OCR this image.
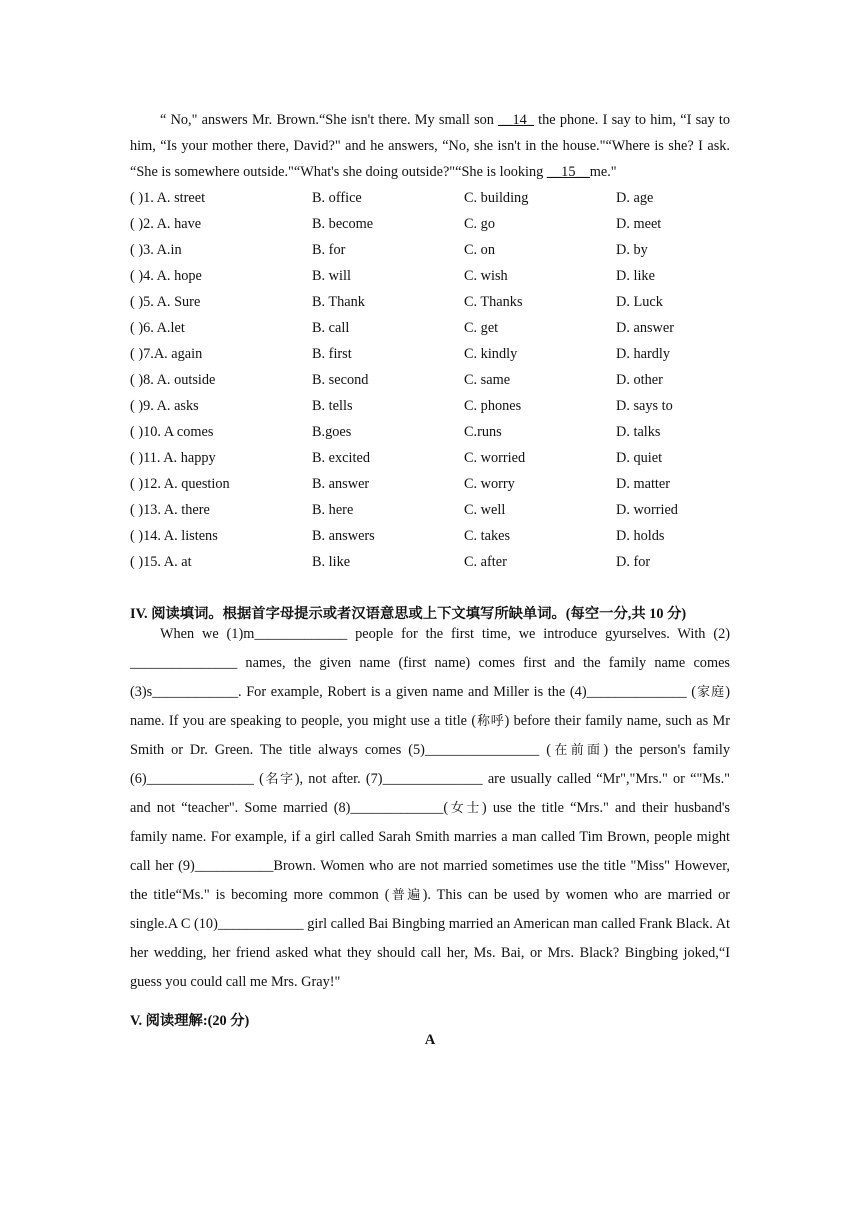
“ No," answers Mr. Brown.“She isn't there. My small son __14_ the phone. I say to him, “I say to him, “Is your mother there, David?" and he answers, “No, she isn't in the house."“Where is she? I ask. “She is somewhere outside."“What's she doing outside?"“She is looking __15__me."
( )1. A. street	B. office	C. building	D. age
( )2. A. have	B. become	C. go	D. meet
( )3. A.in	B. for	C. on	D. by
( )4. A. hope	B. will	C. wish	D. like
( )5. A. Sure	B. Thank	C. Thanks	D. Luck
( )6. A.let	B. call	C. get	D. answer
( )7.A. again	B. first	C. kindly	D. hardly
( )8. A. outside	B. second	C. same	D. other
( )9. A. asks	B. tells	C. phones	D. says to
( )10. A comes	B.goes	C.runs	D. talks
( )11. A. happy	B. excited	C. worried	D. quiet
( )12. A. question	B. answer	C. worry	D. matter
( )13. A. there	B. here	C. well	D. worried
( )14. A. listens	B. answers	C. takes	D. holds
( )15. A. at	B. like	C. after	D. for
IV. 阅读填词。根据首字母提示或者汉语意思或上下文填写所缺单词。(每空一分,共 10 分)
When we (1)m_____________ people for the first time, we introduce gyurselves. With (2) _______________ names, the given name (first name) comes first and the family name comes (3)s____________. For example, Robert is a given name and Miller is the (4)______________ (家庭) name. If you are speaking to people, you might use a title (称呼) before their family name, such as Mr Smith or Dr. Green. The title always comes (5)________________ (在前面) the person's family (6)_______________ (名字), not after. (7)______________ are usually called “Mr","Mrs." or “"Ms." and not “teacher". Some married (8)_____________(女士) use the title “Mrs." and their husband's family name. For example, if a girl called Sarah Smith marries a man called Tim Brown, people might call her (9)___________Brown. Women who are not married sometimes use the title "Miss" However, the title“Ms." is becoming more common (普遍). This can be used by women who are married or single.A C (10)____________ girl called Bai Bingbing married an American man called Frank Black. At her wedding, her friend asked what they should call her, Ms. Bai, or Mrs. Black? Bingbing joked,“I guess you could call me Mrs. Gray!"
V. 阅读理解:(20 分)
A
